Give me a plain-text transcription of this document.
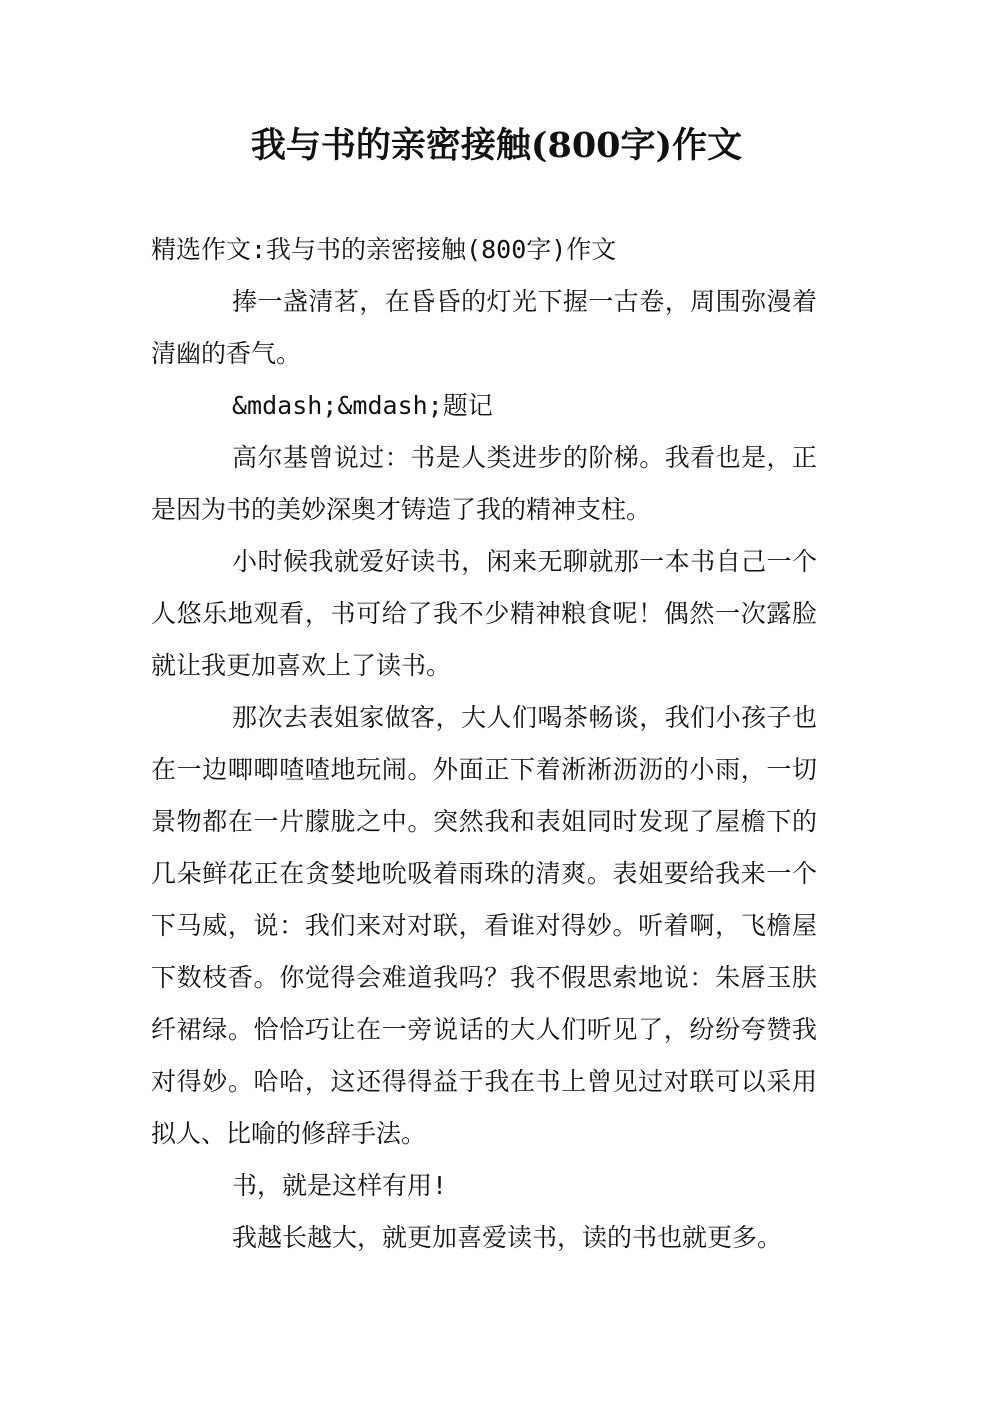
我与书的亲密接触(800字)作文

精选作文:我与书的亲密接触(800字)作文

捧一盏清茗，在昏昏的灯光下握一古卷，周围弥漫着清幽的香气。

&mdash;&mdash;题记

高尔基曾说过：书是人类进步的阶梯。我看也是，正是因为书的美妙深奥才铸造了我的精神支柱。

小时候我就爱好读书，闲来无聊就那一本书自己一个人悠乐地观看，书可给了我不少精神粮食呢！偶然一次露脸就让我更加喜欢上了读书。

那次去表姐家做客，大人们喝茶畅谈，我们小孩子也在一边唧唧喳喳地玩闹。外面正下着淅淅沥沥的小雨，一切景物都在一片朦胧之中。突然我和表姐同时发现了屋檐下的几朵鲜花正在贪婪地吮吸着雨珠的清爽。表姐要给我来一个下马威，说：我们来对对联，看谁对得妙。听着啊，飞檐屋下数枝香。你觉得会难道我吗？我不假思索地说：朱唇玉肤纤裙绿。恰恰巧让在一旁说话的大人们听见了，纷纷夸赞我对得妙。哈哈，这还得得益于我在书上曾见过对联可以采用拟人、比喻的修辞手法。

书，就是这样有用!

我越长越大，就更加喜爱读书，读的书也就更多。
